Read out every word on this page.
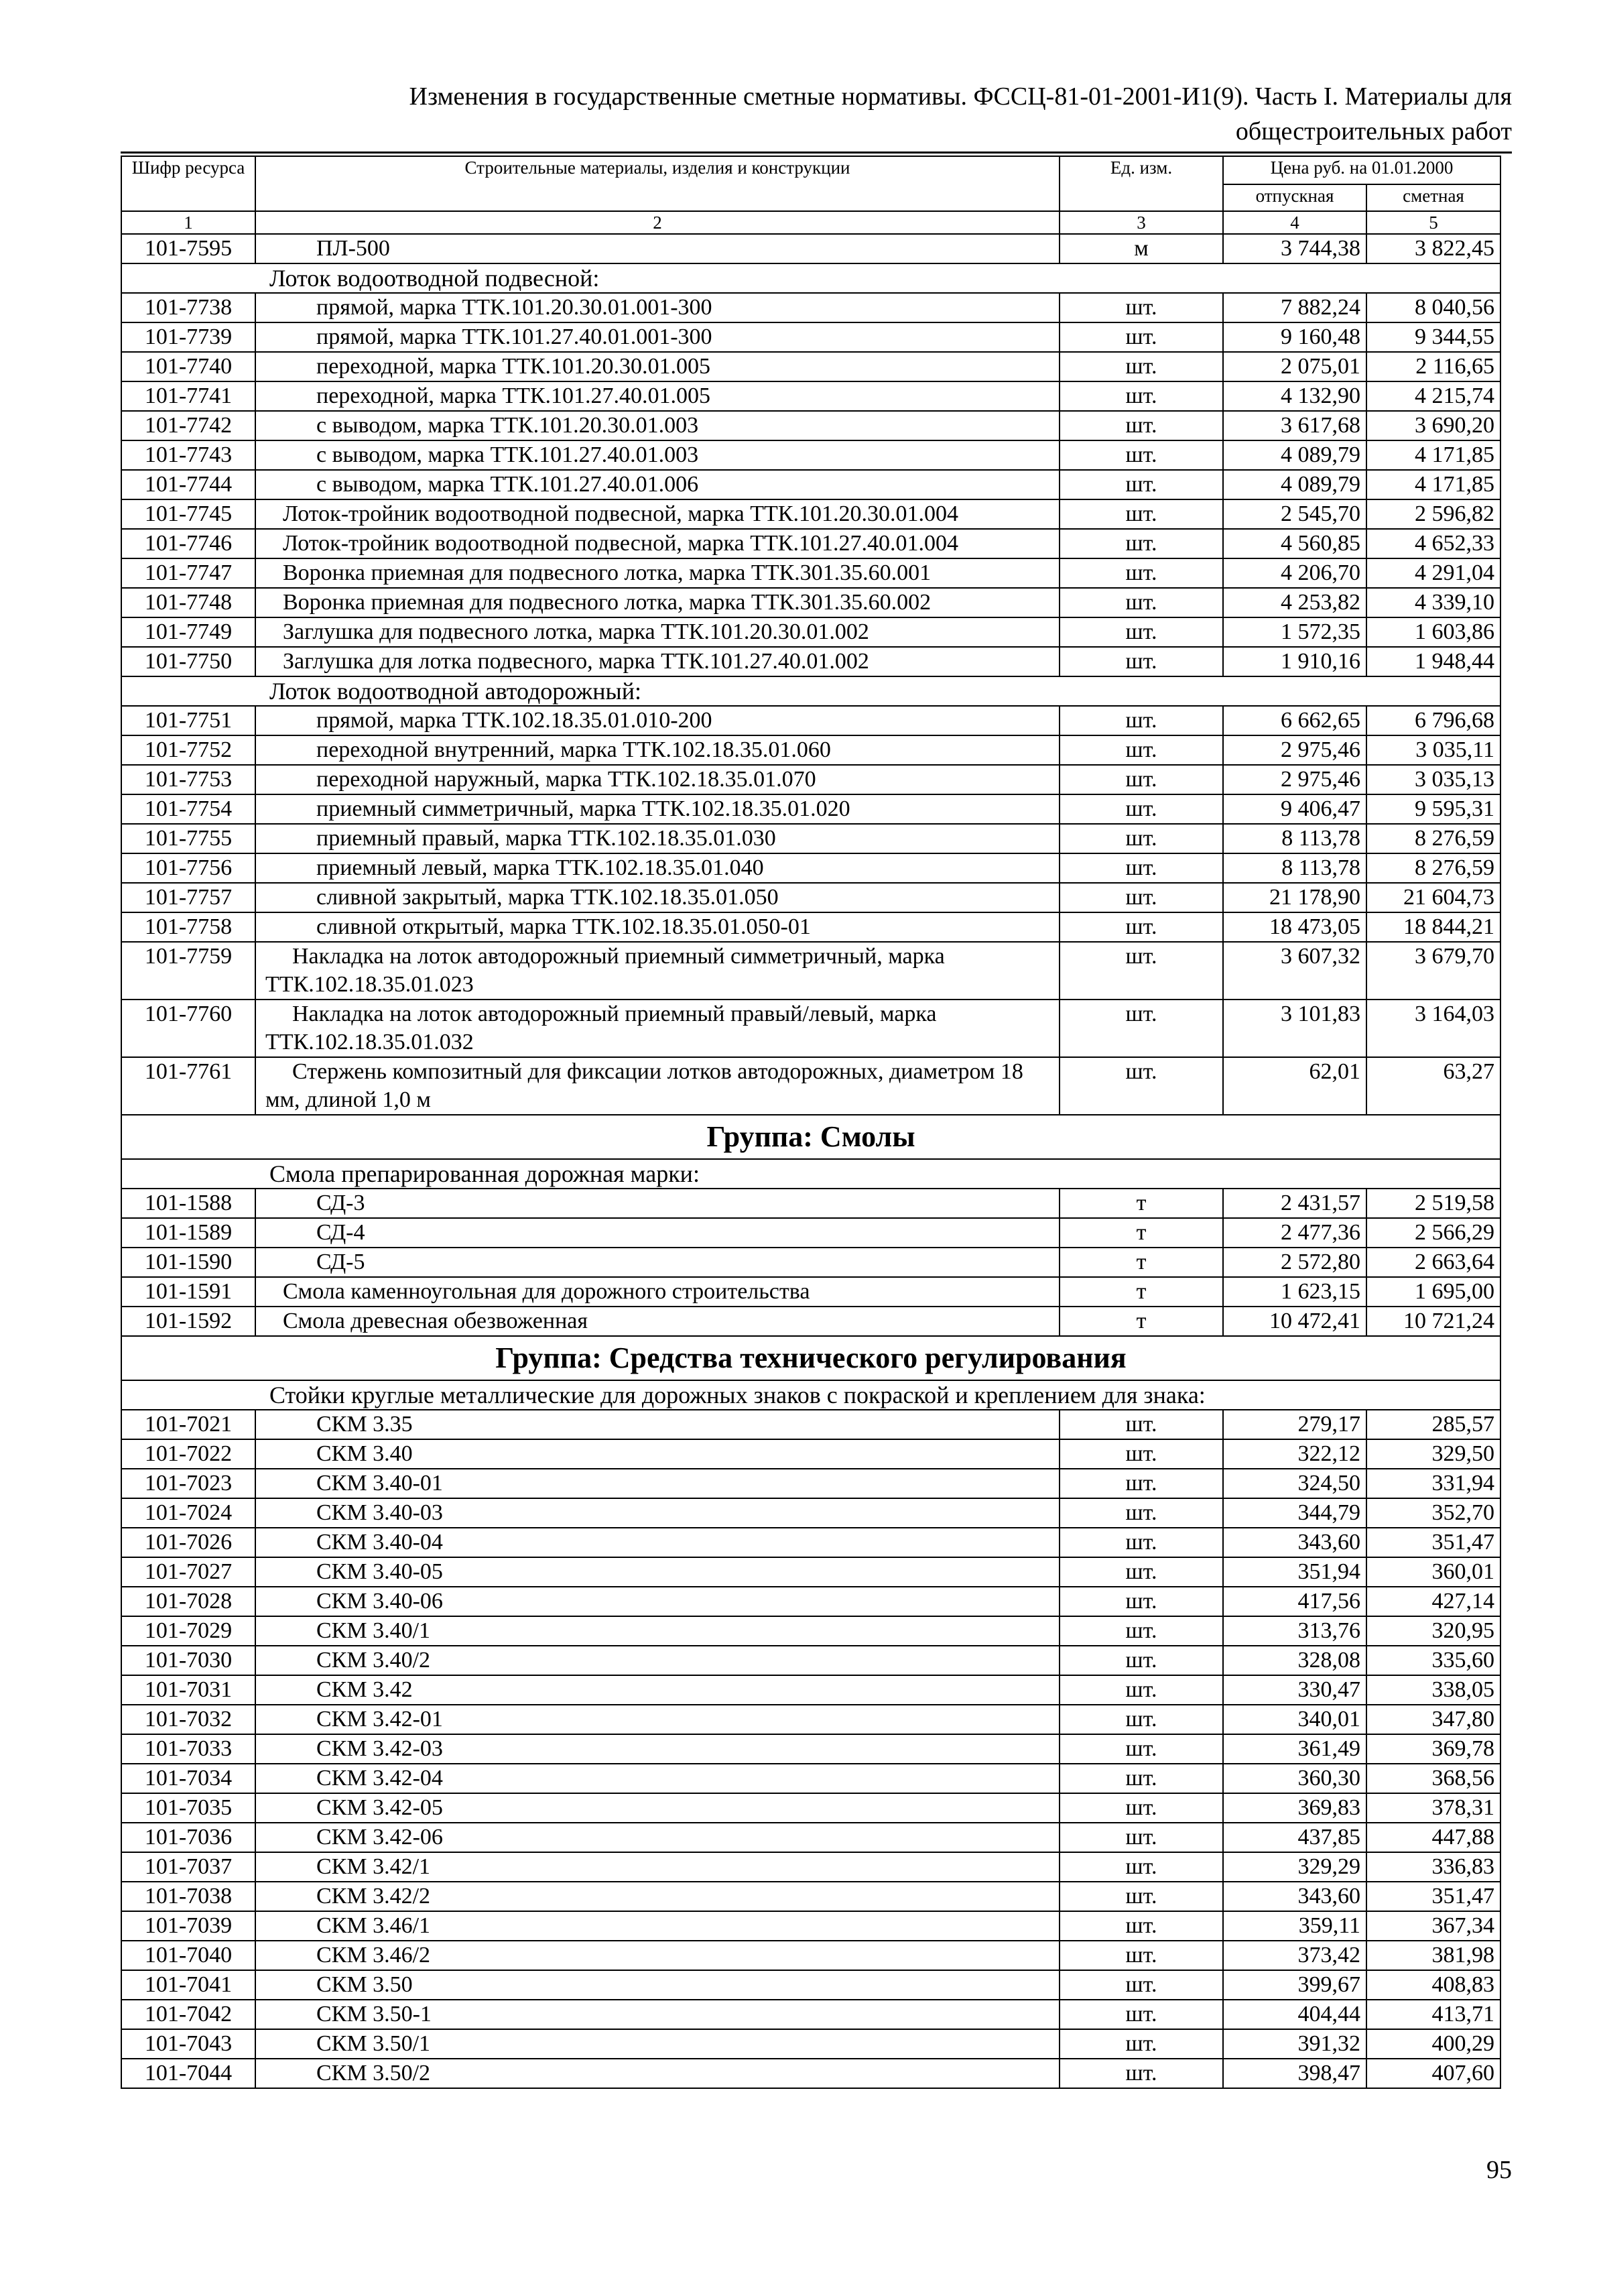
Изменения в государственные сметные нормативы. ФССЦ-81-01-2001-И1(9). Часть I. Материалы для
общестроительных работ
Шифр ресурса	Строительные материалы, изделия и конструкции	Ед. изм.	Цена руб. на 01.01.2000	
			отпускная	сметная
1	2	3	4	5
101-7595	ПЛ-500	м	3 744,38	3 822,45
Лоток водоотводной подвесной:				
101-7738	прямой, марка ТТК.101.20.30.01.001-300	шт.	7 882,24	8 040,56
101-7739	прямой, марка ТТК.101.27.40.01.001-300	шт.	9 160,48	9 344,55
101-7740	переходной, марка ТТК.101.20.30.01.005	шт.	2 075,01	2 116,65
101-7741	переходной, марка ТТК.101.27.40.01.005	шт.	4 132,90	4 215,74
101-7742	с выводом, марка ТТК.101.20.30.01.003	шт.	3 617,68	3 690,20
101-7743	с выводом, марка ТТК.101.27.40.01.003	шт.	4 089,79	4 171,85
101-7744	с выводом, марка ТТК.101.27.40.01.006	шт.	4 089,79	4 171,85
101-7745	Лоток-тройник водоотводной подвесной, марка ТТК.101.20.30.01.004	шт.	2 545,70	2 596,82
101-7746	Лоток-тройник водоотводной подвесной, марка ТТК.101.27.40.01.004	шт.	4 560,85	4 652,33
101-7747	Воронка приемная для подвесного лотка, марка ТТК.301.35.60.001	шт.	4 206,70	4 291,04
101-7748	Воронка приемная для подвесного лотка, марка ТТК.301.35.60.002	шт.	4 253,82	4 339,10
101-7749	Заглушка для подвесного лотка, марка ТТК.101.20.30.01.002	шт.	1 572,35	1 603,86
101-7750	Заглушка для лотка подвесного, марка ТТК.101.27.40.01.002	шт.	1 910,16	1 948,44
Лоток водоотводной автодорожный:				
101-7751	прямой, марка ТТК.102.18.35.01.010-200	шт.	6 662,65	6 796,68
101-7752	переходной внутренний, марка ТТК.102.18.35.01.060	шт.	2 975,46	3 035,11
101-7753	переходной наружный, марка ТТК.102.18.35.01.070	шт.	2 975,46	3 035,13
101-7754	приемный симметричный, марка ТТК.102.18.35.01.020	шт.	9 406,47	9 595,31
101-7755	приемный правый, марка ТТК.102.18.35.01.030	шт.	8 113,78	8 276,59
101-7756	приемный левый, марка ТТК.102.18.35.01.040	шт.	8 113,78	8 276,59
101-7757	сливной закрытый, марка ТТК.102.18.35.01.050	шт.	21 178,90	21 604,73
101-7758	сливной открытый, марка ТТК.102.18.35.01.050-01	шт.	18 473,05	18 844,21
101-7759	Накладка на лоток автодорожный приемный симметричный, марка ТТК.102.18.35.01.023	шт.	3 607,32	3 679,70
101-7760	Накладка на лоток автодорожный приемный правый/левый, марка ТТК.102.18.35.01.032	шт.	3 101,83	3 164,03
101-7761	Стержень композитный для фиксации лотков автодорожных, диаметром 18 мм, длиной 1,0 м	шт.	62,01	63,27
Группа: Смолы				
Смола препарированная дорожная марки:				
101-1588	СД-3	т	2 431,57	2 519,58
101-1589	СД-4	т	2 477,36	2 566,29
101-1590	СД-5	т	2 572,80	2 663,64
101-1591	Смола каменноугольная для дорожного строительства	т	1 623,15	1 695,00
101-1592	Смола древесная обезвоженная	т	10 472,41	10 721,24
Группа: Средства технического регулирования				
Стойки круглые металлические для дорожных знаков с покраской и креплением для знака:				
101-7021	СКМ 3.35	шт.	279,17	285,57
101-7022	СКМ 3.40	шт.	322,12	329,50
101-7023	СКМ 3.40-01	шт.	324,50	331,94
101-7024	СКМ 3.40-03	шт.	344,79	352,70
101-7026	СКМ 3.40-04	шт.	343,60	351,47
101-7027	СКМ 3.40-05	шт.	351,94	360,01
101-7028	СКМ 3.40-06	шт.	417,56	427,14
101-7029	СКМ 3.40/1	шт.	313,76	320,95
101-7030	СКМ 3.40/2	шт.	328,08	335,60
101-7031	СКМ 3.42	шт.	330,47	338,05
101-7032	СКМ 3.42-01	шт.	340,01	347,80
101-7033	СКМ 3.42-03	шт.	361,49	369,78
101-7034	СКМ 3.42-04	шт.	360,30	368,56
101-7035	СКМ 3.42-05	шт.	369,83	378,31
101-7036	СКМ 3.42-06	шт.	437,85	447,88
101-7037	СКМ 3.42/1	шт.	329,29	336,83
101-7038	СКМ 3.42/2	шт.	343,60	351,47
101-7039	СКМ 3.46/1	шт.	359,11	367,34
101-7040	СКМ 3.46/2	шт.	373,42	381,98
101-7041	СКМ 3.50	шт.	399,67	408,83
101-7042	СКМ 3.50-1	шт.	404,44	413,71
101-7043	СКМ 3.50/1	шт.	391,32	400,29
101-7044	СКМ 3.50/2	шт.	398,47	407,60
95
